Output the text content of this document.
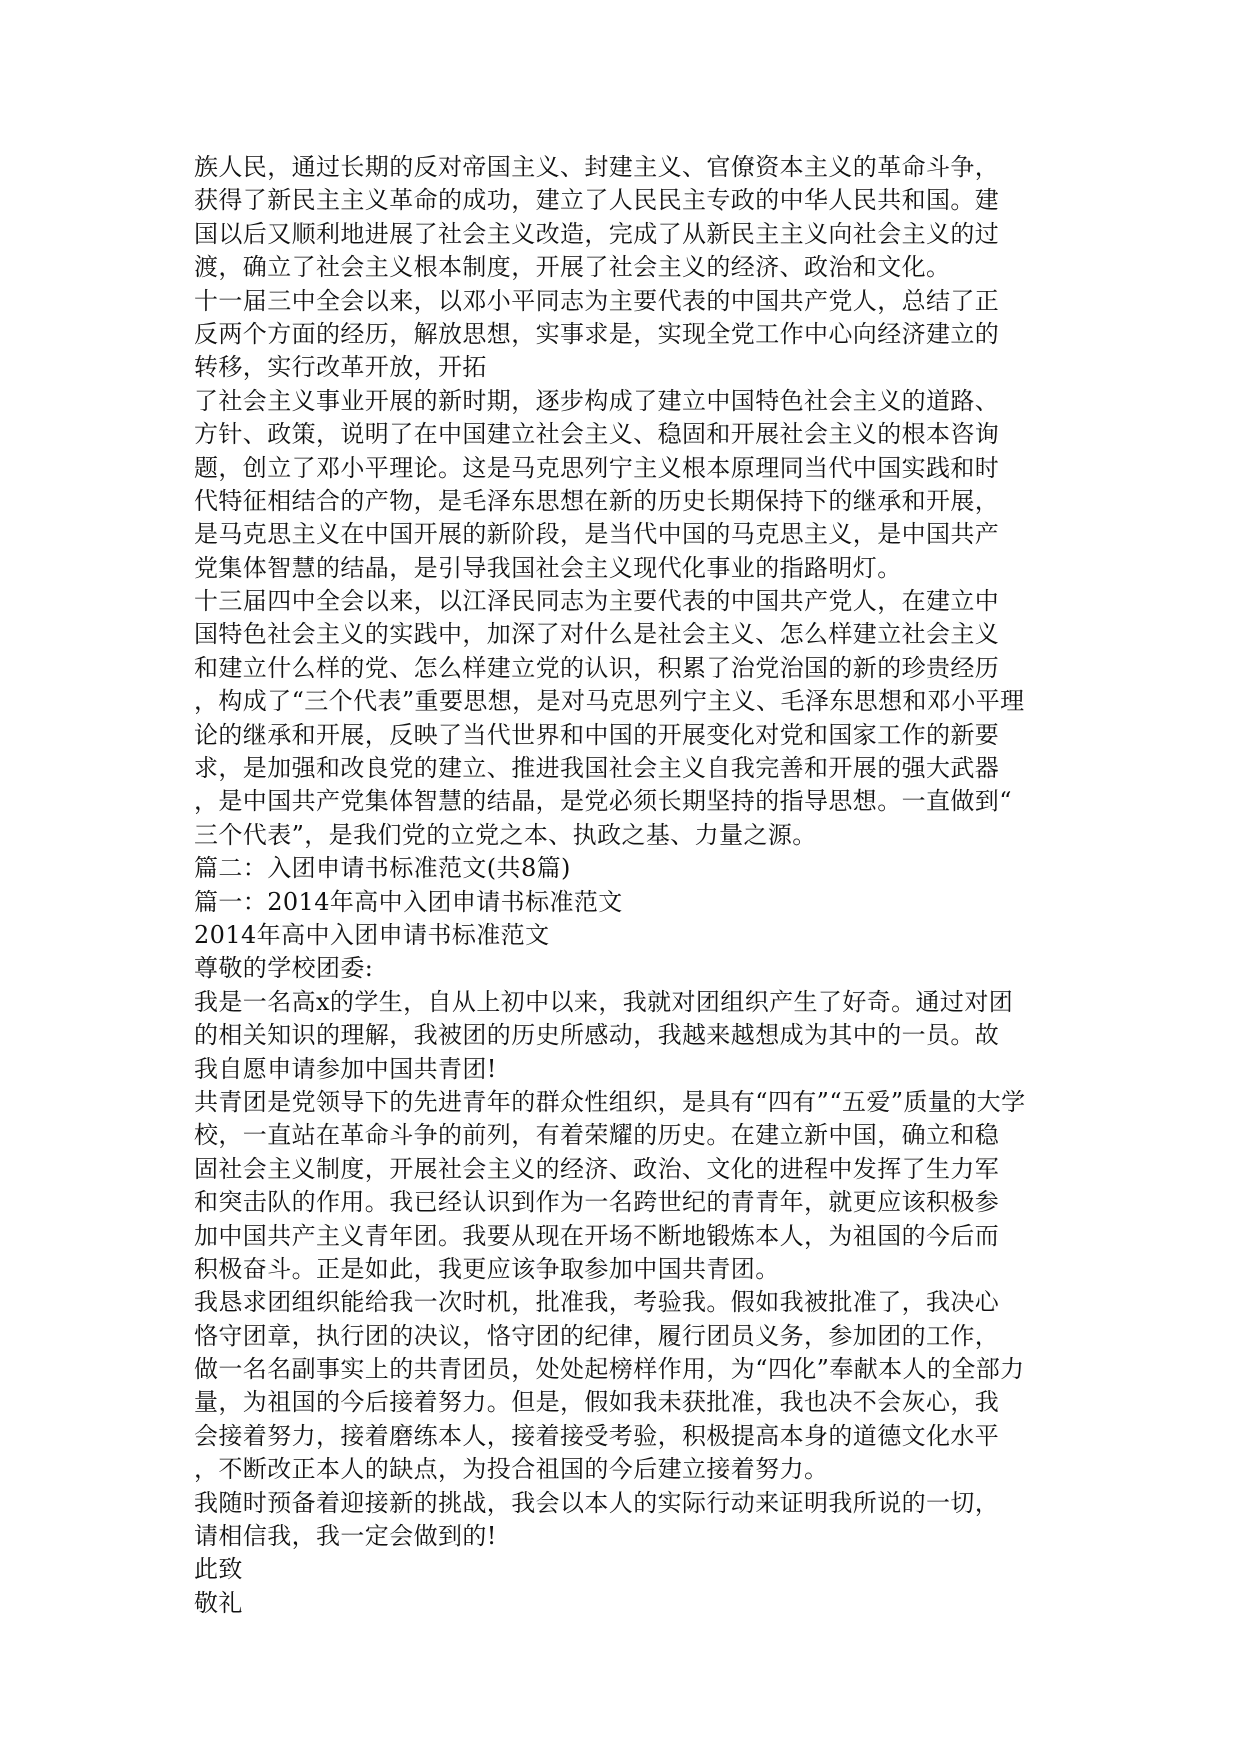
族人民，通过长期的反对帝国主义、封建主义、官僚资本主义的革命斗争，
获得了新民主主义革命的成功，建立了人民民主专政的中华人民共和国。建
国以后又顺利地进展了社会主义改造，完成了从新民主主义向社会主义的过
渡，确立了社会主义根本制度，开展了社会主义的经济、政治和文化。
十一届三中全会以来，以邓小平同志为主要代表的中国共产党人，总结了正
反两个方面的经历，解放思想，实事求是，实现全党工作中心向经济建立的
转移，实行改革开放，开拓
了社会主义事业开展的新时期，逐步构成了建立中国特色社会主义的道路、
方针、政策，说明了在中国建立社会主义、稳固和开展社会主义的根本咨询
题，创立了邓小平理论。这是马克思列宁主义根本原理同当代中国实践和时
代特征相结合的产物，是毛泽东思想在新的历史长期保持下的继承和开展，
是马克思主义在中国开展的新阶段，是当代中国的马克思主义，是中国共产
党集体智慧的结晶，是引导我国社会主义现代化事业的指路明灯。
十三届四中全会以来，以江泽民同志为主要代表的中国共产党人，在建立中
国特色社会主义的实践中，加深了对什么是社会主义、怎么样建立社会主义
和建立什么样的党、怎么样建立党的认识，积累了治党治国的新的珍贵经历
，构成了“三个代表”重要思想，是对马克思列宁主义、毛泽东思想和邓小平理
论的继承和开展，反映了当代世界和中国的开展变化对党和国家工作的新要
求，是加强和改良党的建立、推进我国社会主义自我完善和开展的强大武器
，是中国共产党集体智慧的结晶，是党必须长期坚持的指导思想。一直做到“
三个代表”，是我们党的立党之本、执政之基、力量之源。
篇二：入团申请书标准范文(共8篇)
篇一：2014年高中入团申请书标准范文
2014年高中入团申请书标准范文
尊敬的学校团委:
我是一名高x的学生，自从上初中以来，我就对团组织产生了好奇。通过对团
的相关知识的理解，我被团的历史所感动，我越来越想成为其中的一员。故
我自愿申请参加中国共青团!
共青团是党领导下的先进青年的群众性组织，是具有“四有”“五爱”质量的大学
校，一直站在革命斗争的前列，有着荣耀的历史。在建立新中国，确立和稳
固社会主义制度，开展社会主义的经济、政治、文化的进程中发挥了生力军
和突击队的作用。我已经认识到作为一名跨世纪的青青年，就更应该积极参
加中国共产主义青年团。我要从现在开场不断地锻炼本人，为祖国的今后而
积极奋斗。正是如此，我更应该争取参加中国共青团。
我恳求团组织能给我一次时机，批准我，考验我。假如我被批准了，我决心
恪守团章，执行团的决议，恪守团的纪律，履行团员义务，参加团的工作，
做一名名副事实上的共青团员，处处起榜样作用，为“四化”奉献本人的全部力
量，为祖国的今后接着努力。但是，假如我未获批准，我也决不会灰心，我
会接着努力，接着磨练本人，接着接受考验，积极提高本身的道德文化水平
，不断改正本人的缺点，为投合祖国的今后建立接着努力。
我随时预备着迎接新的挑战，我会以本人的实际行动来证明我所说的一切，
请相信我，我一定会做到的!
此致
敬礼
